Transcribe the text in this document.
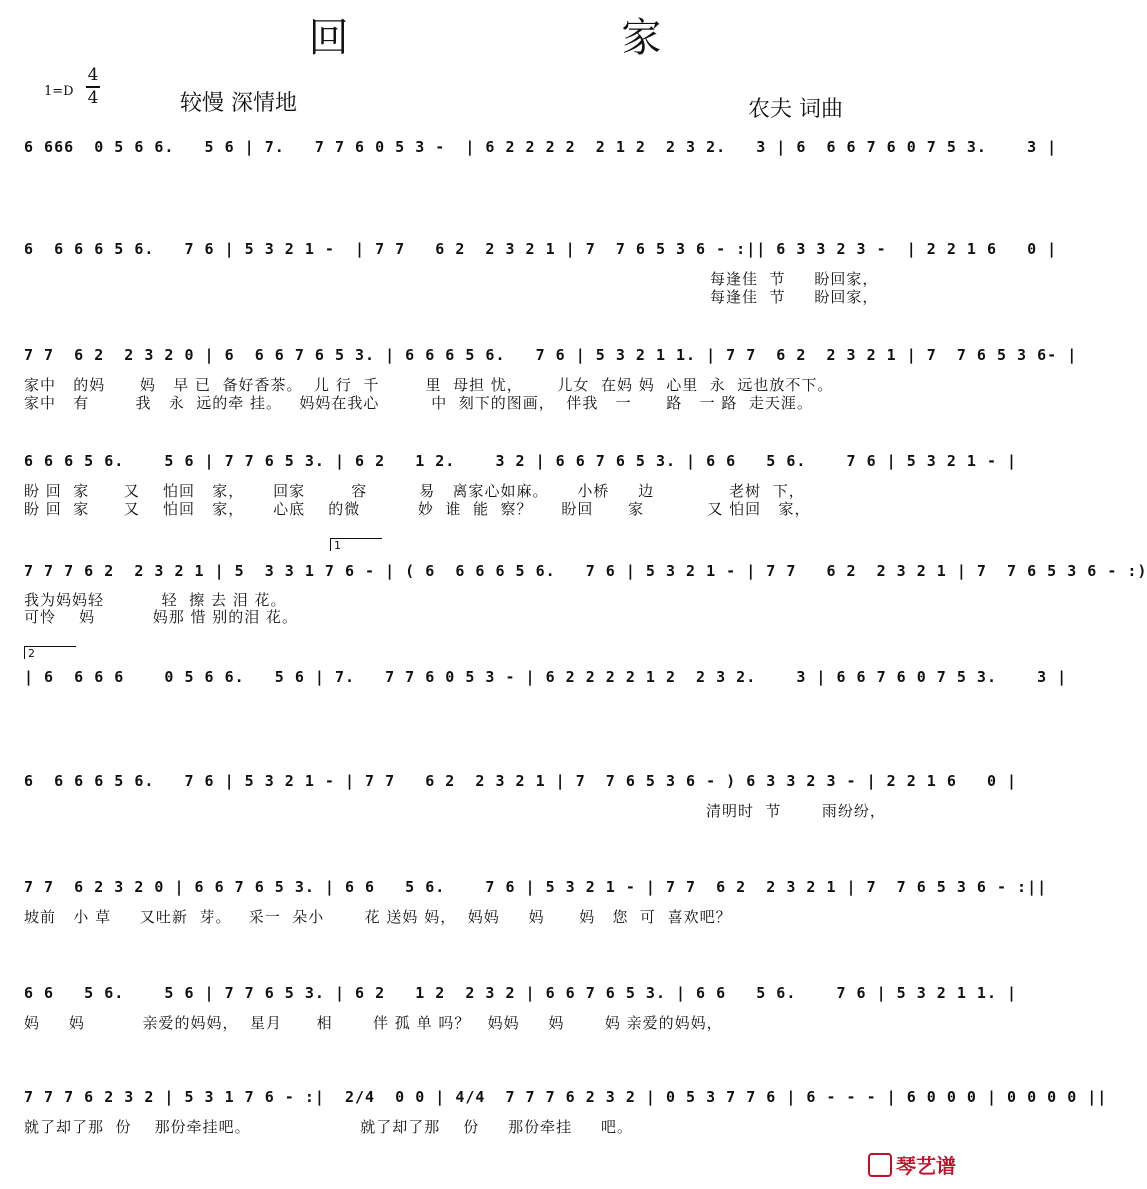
回 家
1=D
4
4	较慢 深情地	农夫 词曲
6 666  0 5 6 6.   5 6 | 7.   7 7 6 0 5 3 -  | 6 2 2 2 2  2 1 2  2 3 2.   3 | 6  6 6 7 6 0 7 5 3.    3 |
6  6 6 6 5 6.   7 6 | 5 3 2 1 -  | 7 7   6 2  2 3 2 1 | 7  7 6 5 3 6 - :|| 6 3 3 2 3 -  | 2 2 1 6   0 |
每逢佳  节     盼回家，
每逢佳  节     盼回家，
7 7  6 2  2 3 2 0 | 6  6 6 7 6 5 3. | 6 6 6 5 6.   7 6 | 5 3 2 1 1. | 7 7  6 2  2 3 2 1 | 7  7 6 5 3 6- |
家中   的妈      妈   早 已  备好香茶。  儿 行  千        里  母担 忧，      儿女  在妈 妈  心里  永  远也放不下。
家中   有        我   永  远的牵 挂。   妈妈在我心         中  刻下的图画，  伴我   一      路   一 路  走天涯。
6 6 6 5 6.    5 6 | 7 7 6 5 3. | 6 2   1 2.    3 2 | 6 6 7 6 5 3. | 6 6   5 6.    7 6 | 5 3 2 1 - |
盼 回  家      又    怕回   家，     回家        容         易   离家心如麻。     小桥     边             老树  下，
盼 回  家      又    怕回   家，     心底    的微          妙  谁  能  察？     盼回      家           又 怕回   家，
1
7 7 7 6 2  2 3 2 1 | 5  3 3 1 7 6 - | ( 6  6 6 6 5 6.   7 6 | 5 3 2 1 - | 7 7   6 2  2 3 2 1 | 7  7 6 5 3 6 - :)
我为妈妈轻          轻  擦 去 泪 花。
可怜    妈          妈那 惜 别的泪 花。
2
| 6  6 6 6    0 5 6 6.   5 6 | 7.   7 7 6 0 5 3 - | 6 2 2 2 2 1 2  2 3 2.    3 | 6 6 7 6 0 7 5 3.    3 |
6  6 6 6 5 6.   7 6 | 5 3 2 1 - | 7 7   6 2  2 3 2 1 | 7  7 6 5 3 6 - ) 6 3 3 2 3 - | 2 2 1 6   0 |
清明时  节       雨纷纷，
7 7  6 2 3 2 0 | 6 6 7 6 5 3. | 6 6   5 6.    7 6 | 5 3 2 1 - | 7 7  6 2  2 3 2 1 | 7  7 6 5 3 6 - :||
坡前   小 草     又吐新  芽。   采一  朵小       花 送妈 妈，  妈妈     妈      妈   您  可  喜欢吧？
6 6   5 6.    5 6 | 7 7 6 5 3. | 6 2   1 2  2 3 2 | 6 6 7 6 5 3. | 6 6   5 6.    7 6 | 5 3 2 1 1. |
妈     妈          亲爱的妈妈，  星月      相       伴 孤 单 吗？   妈妈     妈       妈 亲爱的妈妈，
7 7 7 6 2 3 2 | 5 3 1 7 6 - :|  2/4  0 0 | 4/4  7 7 7 6 2 3 2 | 0 5 3 7 7 6 | 6 - - - | 6 0 0 0 | 0 0 0 0 ||
就了却了那  份    那份牵挂吧。                   就了却了那    份     那份牵挂     吧。
琴艺谱
